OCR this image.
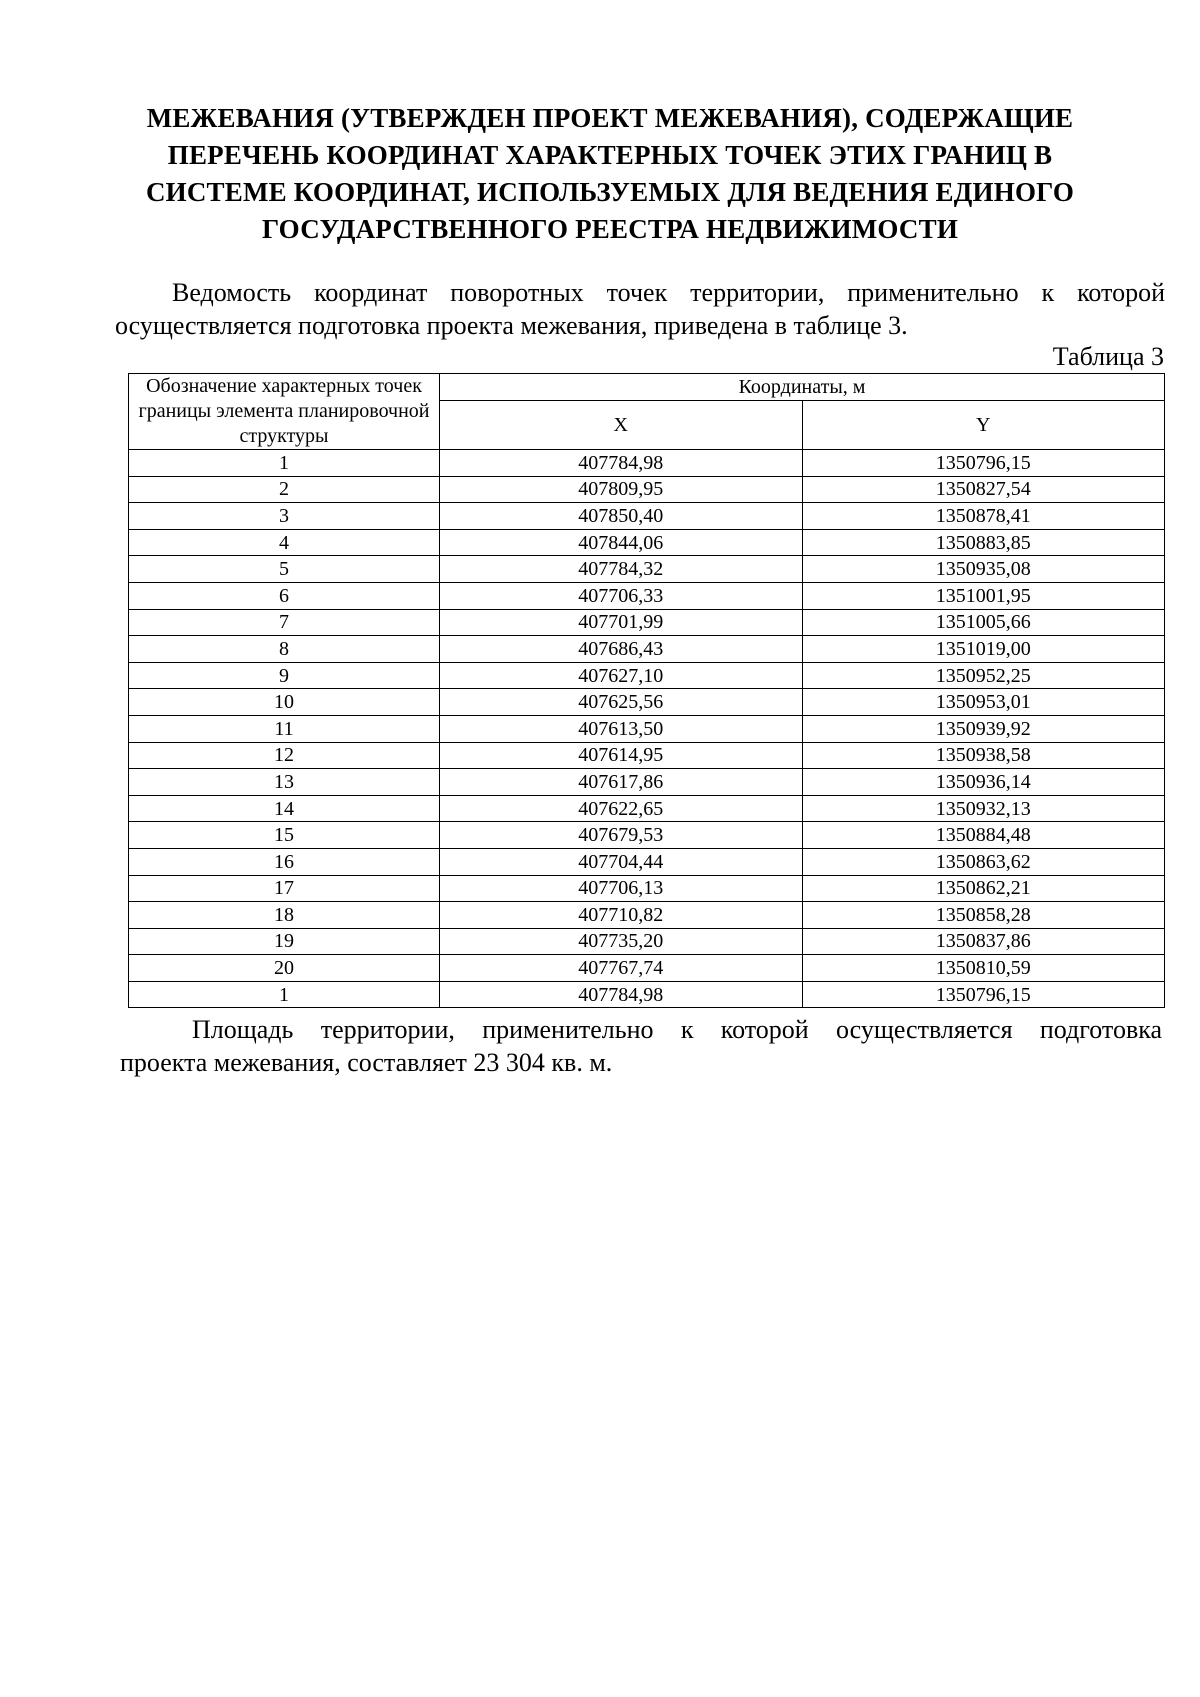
МЕЖЕВАНИЯ (УТВЕРЖДЕН ПРОЕКТ МЕЖЕВАНИЯ), СОДЕРЖАЩИЕ
ПЕРЕЧЕНЬ КООРДИНАТ ХАРАКТЕРНЫХ ТОЧЕК ЭТИХ ГРАНИЦ В
СИСТЕМЕ КООРДИНАТ, ИСПОЛЬЗУЕМЫХ ДЛЯ ВЕДЕНИЯ ЕДИНОГО
ГОСУДАРСТВЕННОГО РЕЕСТРА НЕДВИЖИМОСТИ
Ведомость координат поворотных точек территории, применительно к которой
осуществляется подготовка проекта межевания, приведена в таблице 3.
Таблица 3
Обозначение характерных точек границы элемента планировочной структуры	Координаты, м	
	X	Y
1	407784,98	1350796,15
2	407809,95	1350827,54
3	407850,40	1350878,41
4	407844,06	1350883,85
5	407784,32	1350935,08
6	407706,33	1351001,95
7	407701,99	1351005,66
8	407686,43	1351019,00
9	407627,10	1350952,25
10	407625,56	1350953,01
11	407613,50	1350939,92
12	407614,95	1350938,58
13	407617,86	1350936,14
14	407622,65	1350932,13
15	407679,53	1350884,48
16	407704,44	1350863,62
17	407706,13	1350862,21
18	407710,82	1350858,28
19	407735,20	1350837,86
20	407767,74	1350810,59
1	407784,98	1350796,15
Площадь территории, применительно к которой осуществляется подготовка
проекта межевания, составляет 23 304 кв. м.
